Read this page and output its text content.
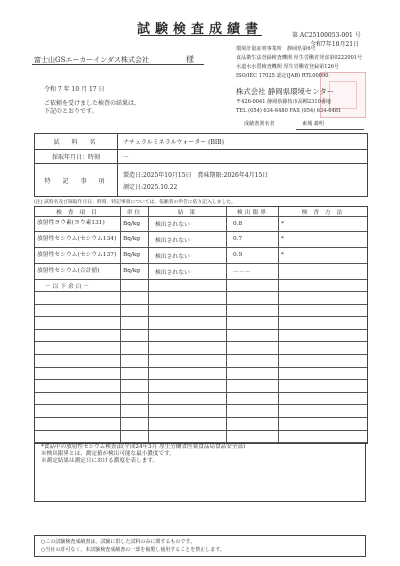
試験検査成績書	第 AC25100053-001 号
令和7年10月21日
富士山GSエーカーインダス株式会社	様
令和 7 年 10 月 17 日
ご依頼を受けました検査の結果は、
下記のとおりです。
環境計量証明事業所　静岡県第6号
食品衛生法登録検査機関 厚生労働省発食第0222001号
水道水水質検査機関 厚生労働省登録第126号
ISO/IEC 17025 認定(JAB) RTL00090
株式会社 静岡県環境センター
〒426-0041 静岡県藤枝市高柳2310番地
TEL (054) 634-6480 FAX (054) 634-6481
成績書署名者	東城 義明
試　料　名	ナチュラルミネラルウォーター (BIB)
採取年月日：時刻	－
特　記　事　項
製造日:2025年10月15日　賞味期限:2026年4月15日
測定日:2025.10.22
(注) 試料名及び採取年月日、時刻、特記事項については、依頼者の申告に依り記入しました。
検 査 項 目	単位	結 果	検出限界	検 査 方 法
放射性ヨウ素(ヨウ素131)	Bq/kg	検出されない	0.8	*
放射性セシウム(セシウム134)	Bq/kg	検出されない	0.7	*
放射性セシウム(セシウム137)	Bq/kg	検出されない	0.9	*
放射性セシウム(合計値)	Bq/kg	検出されない	－－－
－ 以 下 余 白 －
*食品中の放射性セシウム検査法(平成24年3月 厚生労働省医薬食品局食品安全部)
※検出限界とは、測定値が検出可能な最小濃度です。
※測定結果は測定日における濃度を表します。
○この試験検査成績書は、試験に供した試料のみに関するものです。
○当社の許可なく、本試験検査成績書の一部を複製し使用することを禁止します。
